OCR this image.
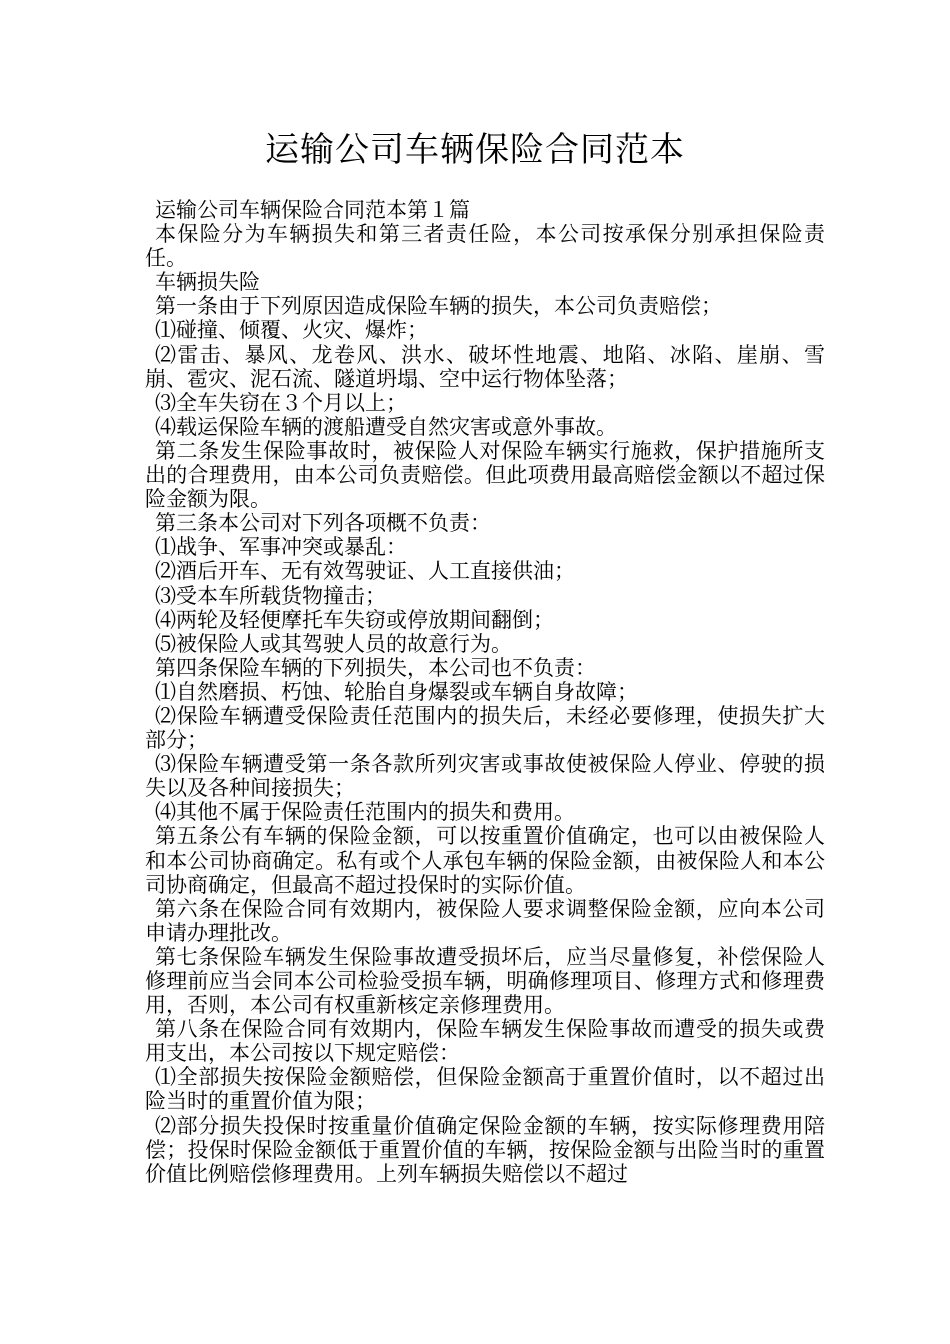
运输公司车辆保险合同范本

运输公司车辆保险合同范本第１篇

本保险分为车辆损失和第三者责任险，本公司按承保分别承担保险责任。

车辆损失险

第一条由于下列原因造成保险车辆的损失，本公司负责赔偿；

⑴碰撞、倾覆、火灾、爆炸；

⑵雷击、暴风、龙卷风、洪水、破坏性地震、地陷、冰陷、崖崩、雪崩、雹灾、泥石流、隧道坍塌、空中运行物体坠落；

⑶全车失窃在３个月以上；

⑷载运保险车辆的渡船遭受自然灾害或意外事故。

第二条发生保险事故时，被保险人对保险车辆实行施救，保护措施所支出的合理费用，由本公司负责赔偿。但此项费用最高赔偿金额以不超过保险金额为限。

第三条本公司对下列各项概不负责：

⑴战争、军事冲突或暴乱：

⑵酒后开车、无有效驾驶证、人工直接供油；

⑶受本车所载货物撞击；

⑷两轮及轻便摩托车失窃或停放期间翻倒；

⑸被保险人或其驾驶人员的故意行为。

第四条保险车辆的下列损失，本公司也不负责：

⑴自然磨损、朽蚀、轮胎自身爆裂或车辆自身故障；

⑵保险车辆遭受保险责任范围内的损失后，未经必要修理，使损失扩大部分；

⑶保险车辆遭受第一条各款所列灾害或事故使被保险人停业、停驶的损失以及各种间接损失；

⑷其他不属于保险责任范围内的损失和费用。

第五条公有车辆的保险金额，可以按重置价值确定，也可以由被保险人和本公司协商确定。私有或个人承包车辆的保险金额，由被保险人和本公司协商确定，但最高不超过投保时的实际价值。

第六条在保险合同有效期内，被保险人要求调整保险金额，应向本公司申请办理批改。

第七条保险车辆发生保险事故遭受损坏后，应当尽量修复，补偿保险人修理前应当会同本公司检验受损车辆，明确修理项目、修理方式和修理费用，否则，本公司有权重新核定亲修理费用。

第八条在保险合同有效期内，保险车辆发生保险事故而遭受的损失或费用支出，本公司按以下规定赔偿：

⑴全部损失按保险金额赔偿，但保险金额高于重置价值时，以不超过出险当时的重置价值为限；

⑵部分损失投保时按重量价值确定保险金额的车辆，按实际修理费用陪偿；投保时保险金额低于重置价值的车辆，按保险金额与出险当时的重置价值比例赔偿修理费用。上列车辆损失赔偿以不超过
